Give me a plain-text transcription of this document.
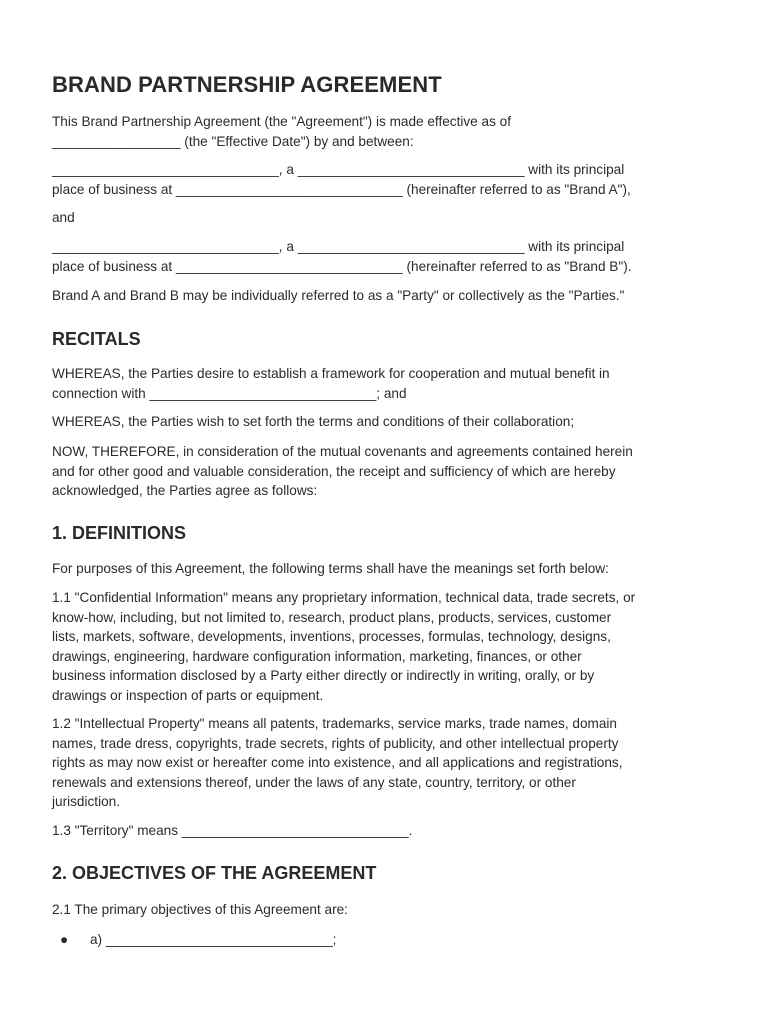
BRAND PARTNERSHIP AGREEMENT
This Brand Partnership Agreement (the "Agreement") is made effective as of
_________________ (the "Effective Date") by and between:
______________________________, a ______________________________ with its principal
place of business at ______________________________ (hereinafter referred to as "Brand A"),
and
______________________________, a ______________________________ with its principal
place of business at ______________________________ (hereinafter referred to as "Brand B").
Brand A and Brand B may be individually referred to as a "Party" or collectively as the "Parties."
RECITALS
WHEREAS, the Parties desire to establish a framework for cooperation and mutual benefit in
connection with ______________________________; and
WHEREAS, the Parties wish to set forth the terms and conditions of their collaboration;
NOW, THEREFORE, in consideration of the mutual covenants and agreements contained herein
and for other good and valuable consideration, the receipt and sufficiency of which are hereby
acknowledged, the Parties agree as follows:
1. DEFINITIONS
For purposes of this Agreement, the following terms shall have the meanings set forth below:
1.1 "Confidential Information" means any proprietary information, technical data, trade secrets, or
know-how, including, but not limited to, research, product plans, products, services, customer
lists, markets, software, developments, inventions, processes, formulas, technology, designs,
drawings, engineering, hardware configuration information, marketing, finances, or other
business information disclosed by a Party either directly or indirectly in writing, orally, or by
drawings or inspection of parts or equipment.
1.2 "Intellectual Property" means all patents, trademarks, service marks, trade names, domain
names, trade dress, copyrights, trade secrets, rights of publicity, and other intellectual property
rights as may now exist or hereafter come into existence, and all applications and registrations,
renewals and extensions thereof, under the laws of any state, country, territory, or other
jurisdiction.
1.3 "Territory" means ______________________________.
2. OBJECTIVES OF THE AGREEMENT
2.1 The primary objectives of this Agreement are:

●

a) ______________________________;
